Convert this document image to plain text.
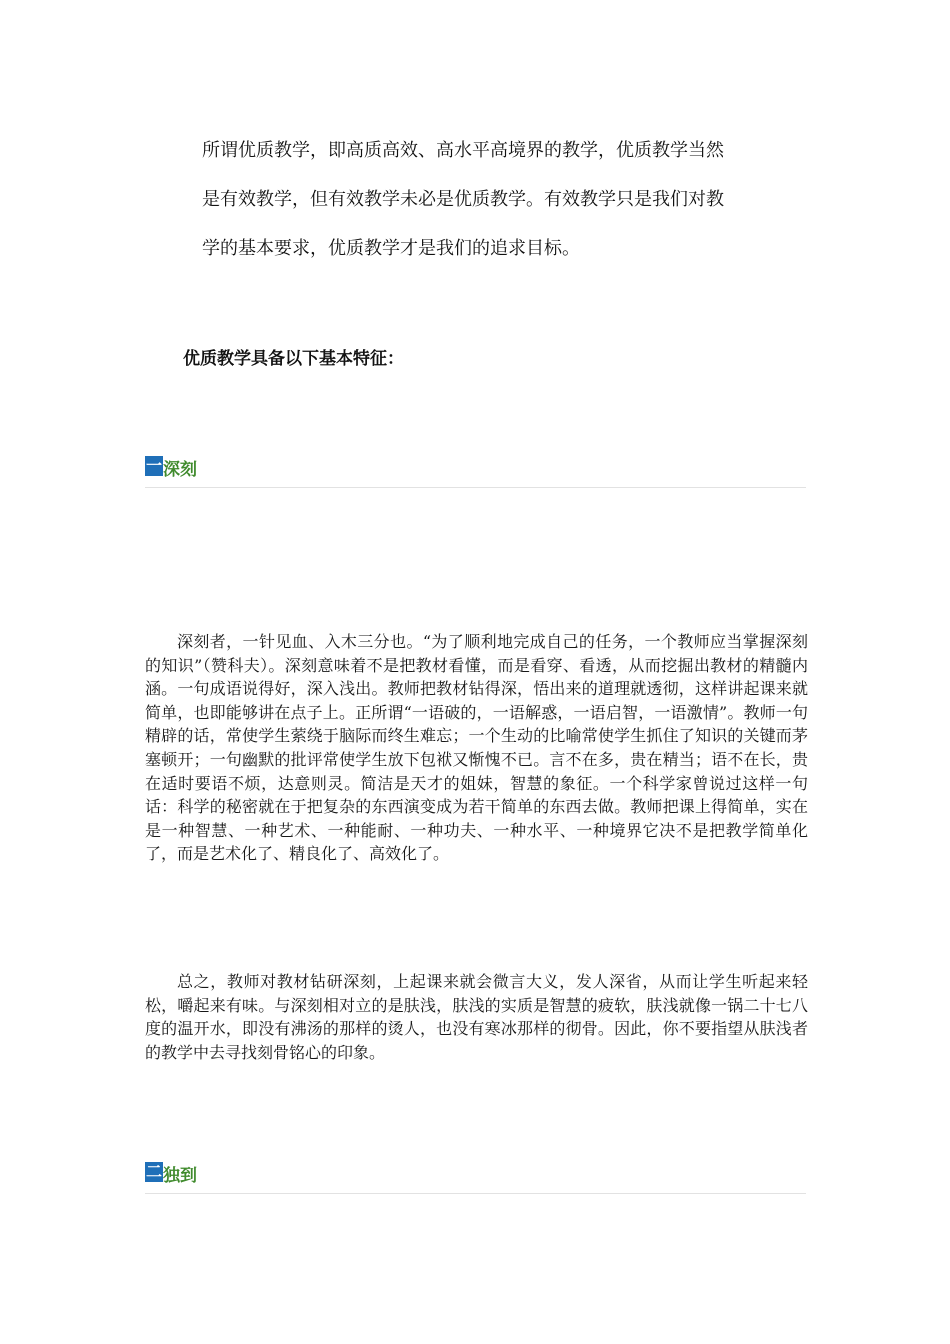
所谓优质教学，即高质高效、高水平高境界的教学，优质教学当然
是有效教学，但有效教学未必是优质教学。有效教学只是我们对教
学的基本要求，优质教学才是我们的追求目标。
优质教学具备以下基本特征：
一 深刻

深刻者，一针见血、入木三分也。“为了顺利地完成自己的任务，一个教师应当掌握深刻的知识”（赞科夫）。深刻意味着不是把教材看懂，而是看穿、看透，从而挖掘出教材的精髓内涵。一句成语说得好，深入浅出。教师把教材钻得深，悟出来的道理就透彻，这样讲起课来就简单，也即能够讲在点子上。正所谓“一语破的，一语解惑，一语启智，一语激情”。教师一句精辟的话，常使学生萦绕于脑际而终生难忘；一个生动的比喻常使学生抓住了知识的关键而茅塞顿开；一句幽默的批评常使学生放下包袱又惭愧不已。言不在多，贵在精当；语不在长，贵在适时要语不烦，达意则灵。简洁是天才的姐妹，智慧的象征。一个科学家曾说过这样一句话：科学的秘密就在于把复杂的东西演变成为若干简单的东西去做。教师把课上得简单，实在是一种智慧、一种艺术、一种能耐、一种功夫、一种水平、一种境界它决不是把教学简单化了，而是艺术化了、精良化了、高效化了。

总之，教师对教材钻研深刻，上起课来就会微言大义，发人深省，从而让学生听起来轻松，嚼起来有味。与深刻相对立的是肤浅，肤浅的实质是智慧的疲软，肤浅就像一锅二十七八度的温开水，即没有沸汤的那样的烫人，也没有寒冰那样的彻骨。因此，你不要指望从肤浅者的教学中去寻找刻骨铭心的印象。

二 独到
